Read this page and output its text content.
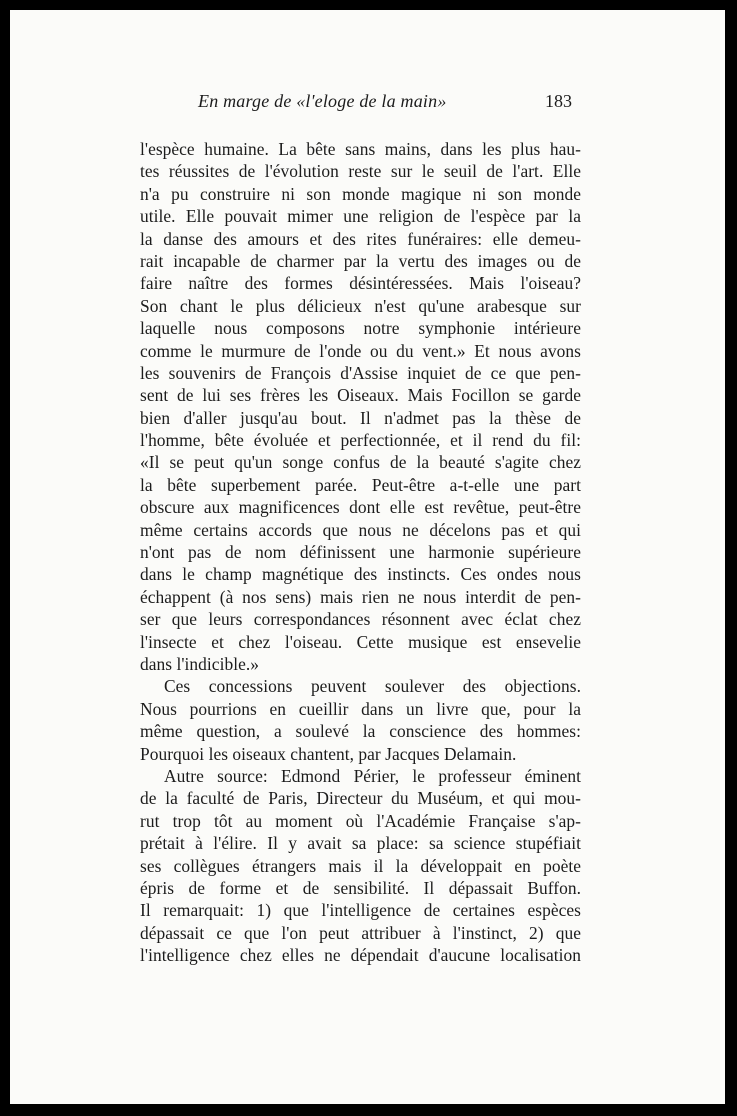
En marge de «l'eloge de la main»	183
l'espèce humaine. La bête sans mains, dans les plus hau-
tes réussites de l'évolution reste sur le seuil de l'art. Elle
n'a pu construire ni son monde magique ni son monde
utile. Elle pouvait mimer une religion de l'espèce par la
la danse des amours et des rites funéraires: elle demeu-
rait incapable de charmer par la vertu des images ou de
faire naître des formes désintéressées. Mais l'oiseau?
Son chant le plus délicieux n'est qu'une arabesque sur
laquelle nous composons notre symphonie intérieure
comme le murmure de l'onde ou du vent.» Et nous avons
les souvenirs de François d'Assise inquiet de ce que pen-
sent de lui ses frères les Oiseaux. Mais Focillon se garde
bien d'aller jusqu'au bout. Il n'admet pas la thèse de
l'homme, bête évoluée et perfectionnée, et il rend du fil:
«Il se peut qu'un songe confus de la beauté s'agite chez
la bête superbement parée. Peut-être a-t-elle une part
obscure aux magnificences dont elle est revêtue, peut-être
même certains accords que nous ne décelons pas et qui
n'ont pas de nom définissent une harmonie supérieure
dans le champ magnétique des instincts. Ces ondes nous
échappent (à nos sens) mais rien ne nous interdit de pen-
ser que leurs correspondances résonnent avec éclat chez
l'insecte et chez l'oiseau. Cette musique est ensevelie
dans l'indicible.»
Ces concessions peuvent soulever des objections.
Nous pourrions en cueillir dans un livre que, pour la
même question, a soulevé la conscience des hommes:
Pourquoi les oiseaux chantent, par Jacques Delamain.
Autre source: Edmond Périer, le professeur éminent
de la faculté de Paris, Directeur du Muséum, et qui mou-
rut trop tôt au moment où l'Académie Française s'ap-
prétait à l'élire. Il y avait sa place: sa science stupéfiait
ses collègues étrangers mais il la développait en poète
épris de forme et de sensibilité. Il dépassait Buffon.
Il remarquait: 1) que l'intelligence de certaines espèces
dépassait ce que l'on peut attribuer à l'instinct, 2) que
l'intelligence chez elles ne dépendait d'aucune localisation
